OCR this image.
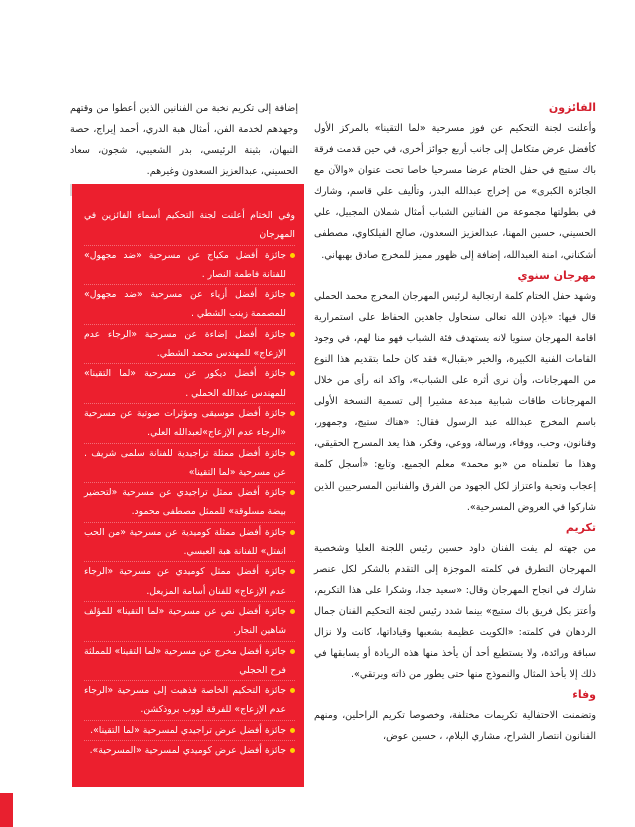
الفائزون

وأعلنت لجنة التحكيم عن فوز مسرحية «لما التقينا» بالمركز الأول كأفضل عرض متكامل إلى جانب أربع جوائز أخرى، في حين قدمت فرقة باك ستيج في حفل الختام عرضا مسرحيا خاصا تحت عنوان «والآن مع الجائزة الكبرى» من إخراج عبدالله البدر، وتأليف علي قاسم، وشارك في بطولتها مجموعة من الفنانين الشباب أمثال شملان المجبيل، علي الحسيني، حسين المهنا، عبدالعزيز السعدون، صالح الفيلكاوي، مصطفى أشكناني، امنة العبدالله، إضافة إلى ظهور مميز للمخرج صادق بهبهاني.

مهرجان سنوي

وشهد حفل الختام كلمة ارتجالية لرئيس المهرجان المخرج محمد الحملي قال فيها: «بإذن الله تعالى سنحاول جاهدين الحفاظ على استمرارية اقامة المهرجان سنويا لانه يستهدف فئة الشباب فهو منا لهم، في وجود القامات الفنية الكبيرة، والخير «بقبال» فقد كان حلما بتقديم هذا النوع من المهرجانات، وأن نرى أثره على الشباب»، واكد انه رأى من خلال المهرجانات طاقات شبابية مبدعة مشيرا إلى تسمية النسخة الأولى باسم المخرج عبدالله عبد الرسول فقال: «هناك ستيج، وجمهور، وفنانون، وحب، ووفاء، ورسالة، ووعي، وفكر، هذا يعد المسرح الحقيقي، وهذا ما تعلمناه من «بو محمد» معلم الجميع. وتابع: «أسجل كلمة إعجاب وتحية واعتزاز لكل الجهود من الفرق والفنانين المسرحيين الذين شاركوا في العروض المسرحية».

تكريم

من جهته لم يفت الفنان داود حسين رئيس اللجنة العليا وشخصية المهرجان التطرق في كلمته الموجزة إلى التقدم بالشكر لكل عنصر شارك في انجاح المهرجان وقال: «سعيد جدا، وشكرا على هذا التكريم، وأعتز بكل فريق باك ستيج» بينما شدد رئيس لجنة التحكيم الفنان جمال الردهان في كلمته: «الكويت عظيمة بشعبها وقياداتها، كانت ولا نزال سباقة ورائدة، ولا يستطيع أحد أن يأخذ منها هذه الريادة أو يسابقها في ذلك إلا بأخذ المثال والنموذج منها حتى يطور من ذاته ويرتقي».

وفاء

وتضمنت الاحتفالية تكريمات مختلفة، وخصوصا تكريم الراحلين، ومنهم الفنانون انتصار الشراح، مشاري البلام، ، حسين عوض،

إضافة إلى تكريم نخبة من الفنانين الذين أعطوا من وقتهم وجهدهم لخدمة الفن، أمثال هبة الدري، أحمد إيراج، حصة النبهان، بثينة الرئيسي، بدر الشعيبي، شجون، سعاد الحسيني، عبدالعزيز السعدون وغيرهم.

وفي الختام أعلنت لجنة التحكيم أسماء الفائزين في المهرجان

جائزة أفضل مكياج عن مسرحية «ضد مجهول» للفنانة فاطمة النصار .
جائزة أفضل أزياء عن مسرحية «ضد مجهول» للمصممة زينب الشطي .
جائزة أفضل إضاءة عن مسرحية «الرجاء عدم الإزعاج» للمهندس محمد الشطي.
جائزة أفضل ديكور عن مسرحية «لما التقينا» للمهندس عبدالله الحملي .
جائزة أفضل موسيقى ومؤثرات صوتية عن مسرحية «الرجاء عدم الإزعاج»لعبدالله العلي.
جائزة أفضل ممثلة تراجيدية للفنانة سلمى شريف . عن مسرحية «لما التقينا»
جائزة أفضل ممثل تراجيدي عن مسرحية «لتحضير بيضة مسلوقة» للممثل مصطفى محمود.
جائزة أفضل ممثلة كوميدية عن مسرحية «من الحب انفتل» للفنانة هبة العبسي.
جائزة أفضل ممثل كوميدي عن مسرحية «الرجاء عدم الإزعاج» للفنان أسامة المزيعل.
جائزة أفضل نص عن مسرحية «لما التقينا» للمؤلف شاهين النجار.
جائزة أفضل مخرج عن مسرحية «لما التقينا» للمملثة فرح الحجلي
جائزة التحكيم الخاصة فذهبت إلى مسرحية «الرجاء عدم الإزعاج» للفرقة لووب بروذكشن.
جائزة أفضل عرض تراجيدي لمسرحية «لما التقينا».
جائزة أفضل عرض كوميدي لمسرحية «المسرحية».
